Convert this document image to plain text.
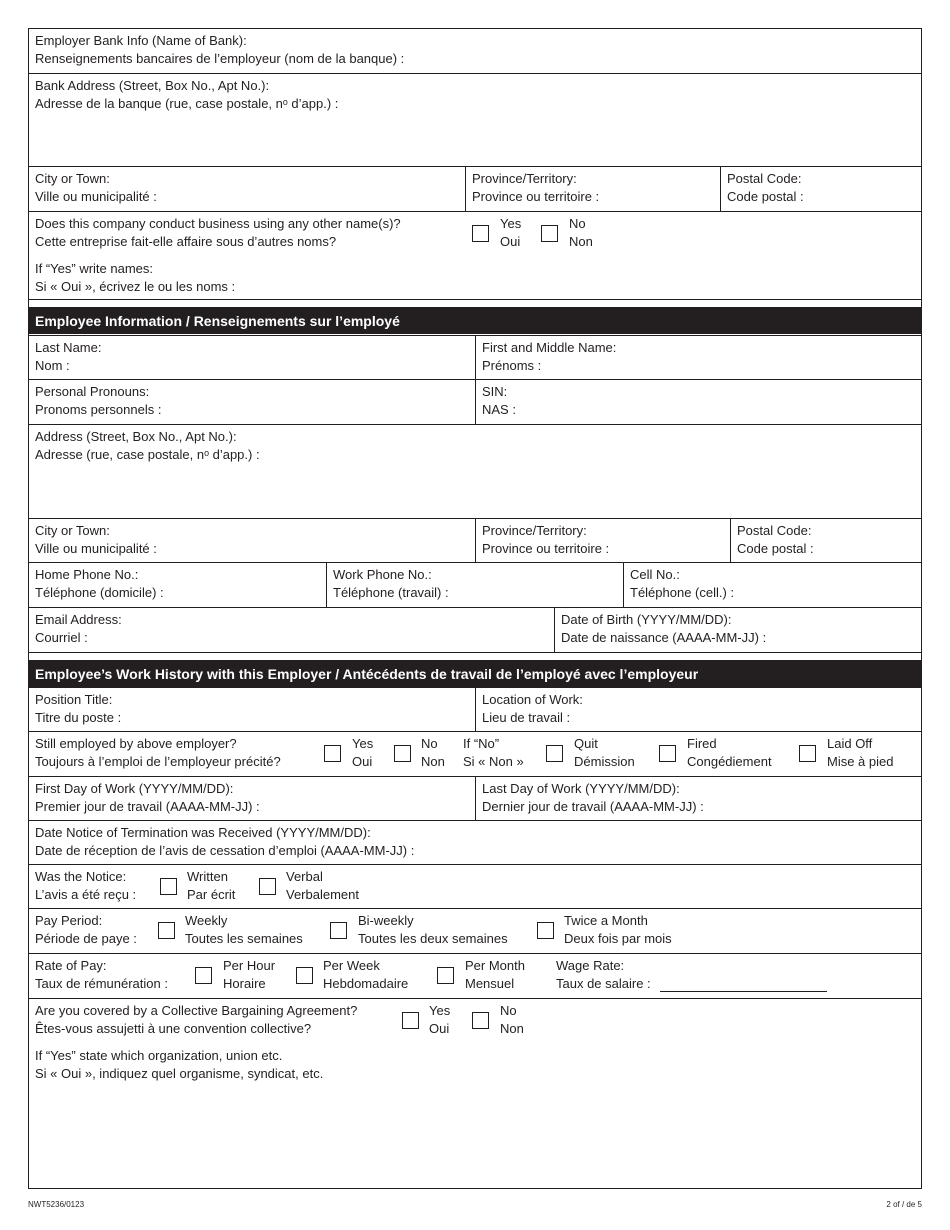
Employer Bank Info (Name of Bank):
Renseignements bancaires de l’employeur (nom de la banque) :
Bank Address (Street, Box No., Apt No.):
Adresse de la banque (rue, case postale, nᵒ d’app.) :
City or Town:
Ville ou municipalité :
Province/Territory:
Province ou territoire :
Postal Code:
Code postal :
Does this company conduct business using any other name(s)?
Cette entreprise fait-elle affaire sous d’autres noms?
Yes
Oui
No
Non
If “Yes” write names:
Si « Oui », écrivez le ou les noms :
Employee Information / Renseignements sur l’employé
Last Name:
Nom :
First and Middle Name:
Prénoms :
Personal Pronouns:
Pronoms personnels :
SIN:
NAS :
Address (Street, Box No., Apt No.):
Adresse (rue, case postale, nᵒ d’app.) :
City or Town:
Ville ou municipalité :
Province/Territory:
Province ou territoire :
Postal Code:
Code postal :
Home Phone No.:
Téléphone (domicile) :
Work Phone No.:
Téléphone (travail) :
Cell No.:
Téléphone (cell.) :
Email Address:
Courriel :
Date of Birth (YYYY/MM/DD):
Date de naissance (AAAA-MM-JJ) :
Employee’s Work History with this Employer / Antécédents de travail de l’employé avec l’employeur
Position Title:
Titre du poste :
Location of Work:
Lieu de travail :
Still employed by above employer?
Toujours à l’emploi de l’employeur précité?
Yes
Oui
No
Non
If “No”
Si « Non »
Quit
Démission
Fired
Congédiement
Laid Off
Mise à pied
First Day of Work (YYYY/MM/DD):
Premier jour de travail (AAAA-MM-JJ) :
Last Day of Work (YYYY/MM/DD):
Dernier jour de travail (AAAA-MM-JJ) :
Date Notice of Termination was Received (YYYY/MM/DD):
Date de réception de l’avis de cessation d’emploi (AAAA-MM-JJ) :
Was the Notice:
L’avis a été reçu :
Written
Par écrit
Verbal
Verbalement
Pay Period:
Période de paye :
Weekly
Toutes les semaines
Bi-weekly
Toutes les deux semaines
Twice a Month
Deux fois par mois
Rate of Pay:
Taux de rémunération :
Per Hour
Horaire
Per Week
Hebdomadaire
Per Month
Mensuel
Wage Rate:
Taux de salaire :
Are you covered by a Collective Bargaining Agreement?
Êtes-vous assujetti à une convention collective?
Yes
Oui
No
Non
If “Yes” state which organization, union etc.
Si « Oui », indiquez quel organisme, syndicat, etc.
NWT5236/0123	2 of / de 5
